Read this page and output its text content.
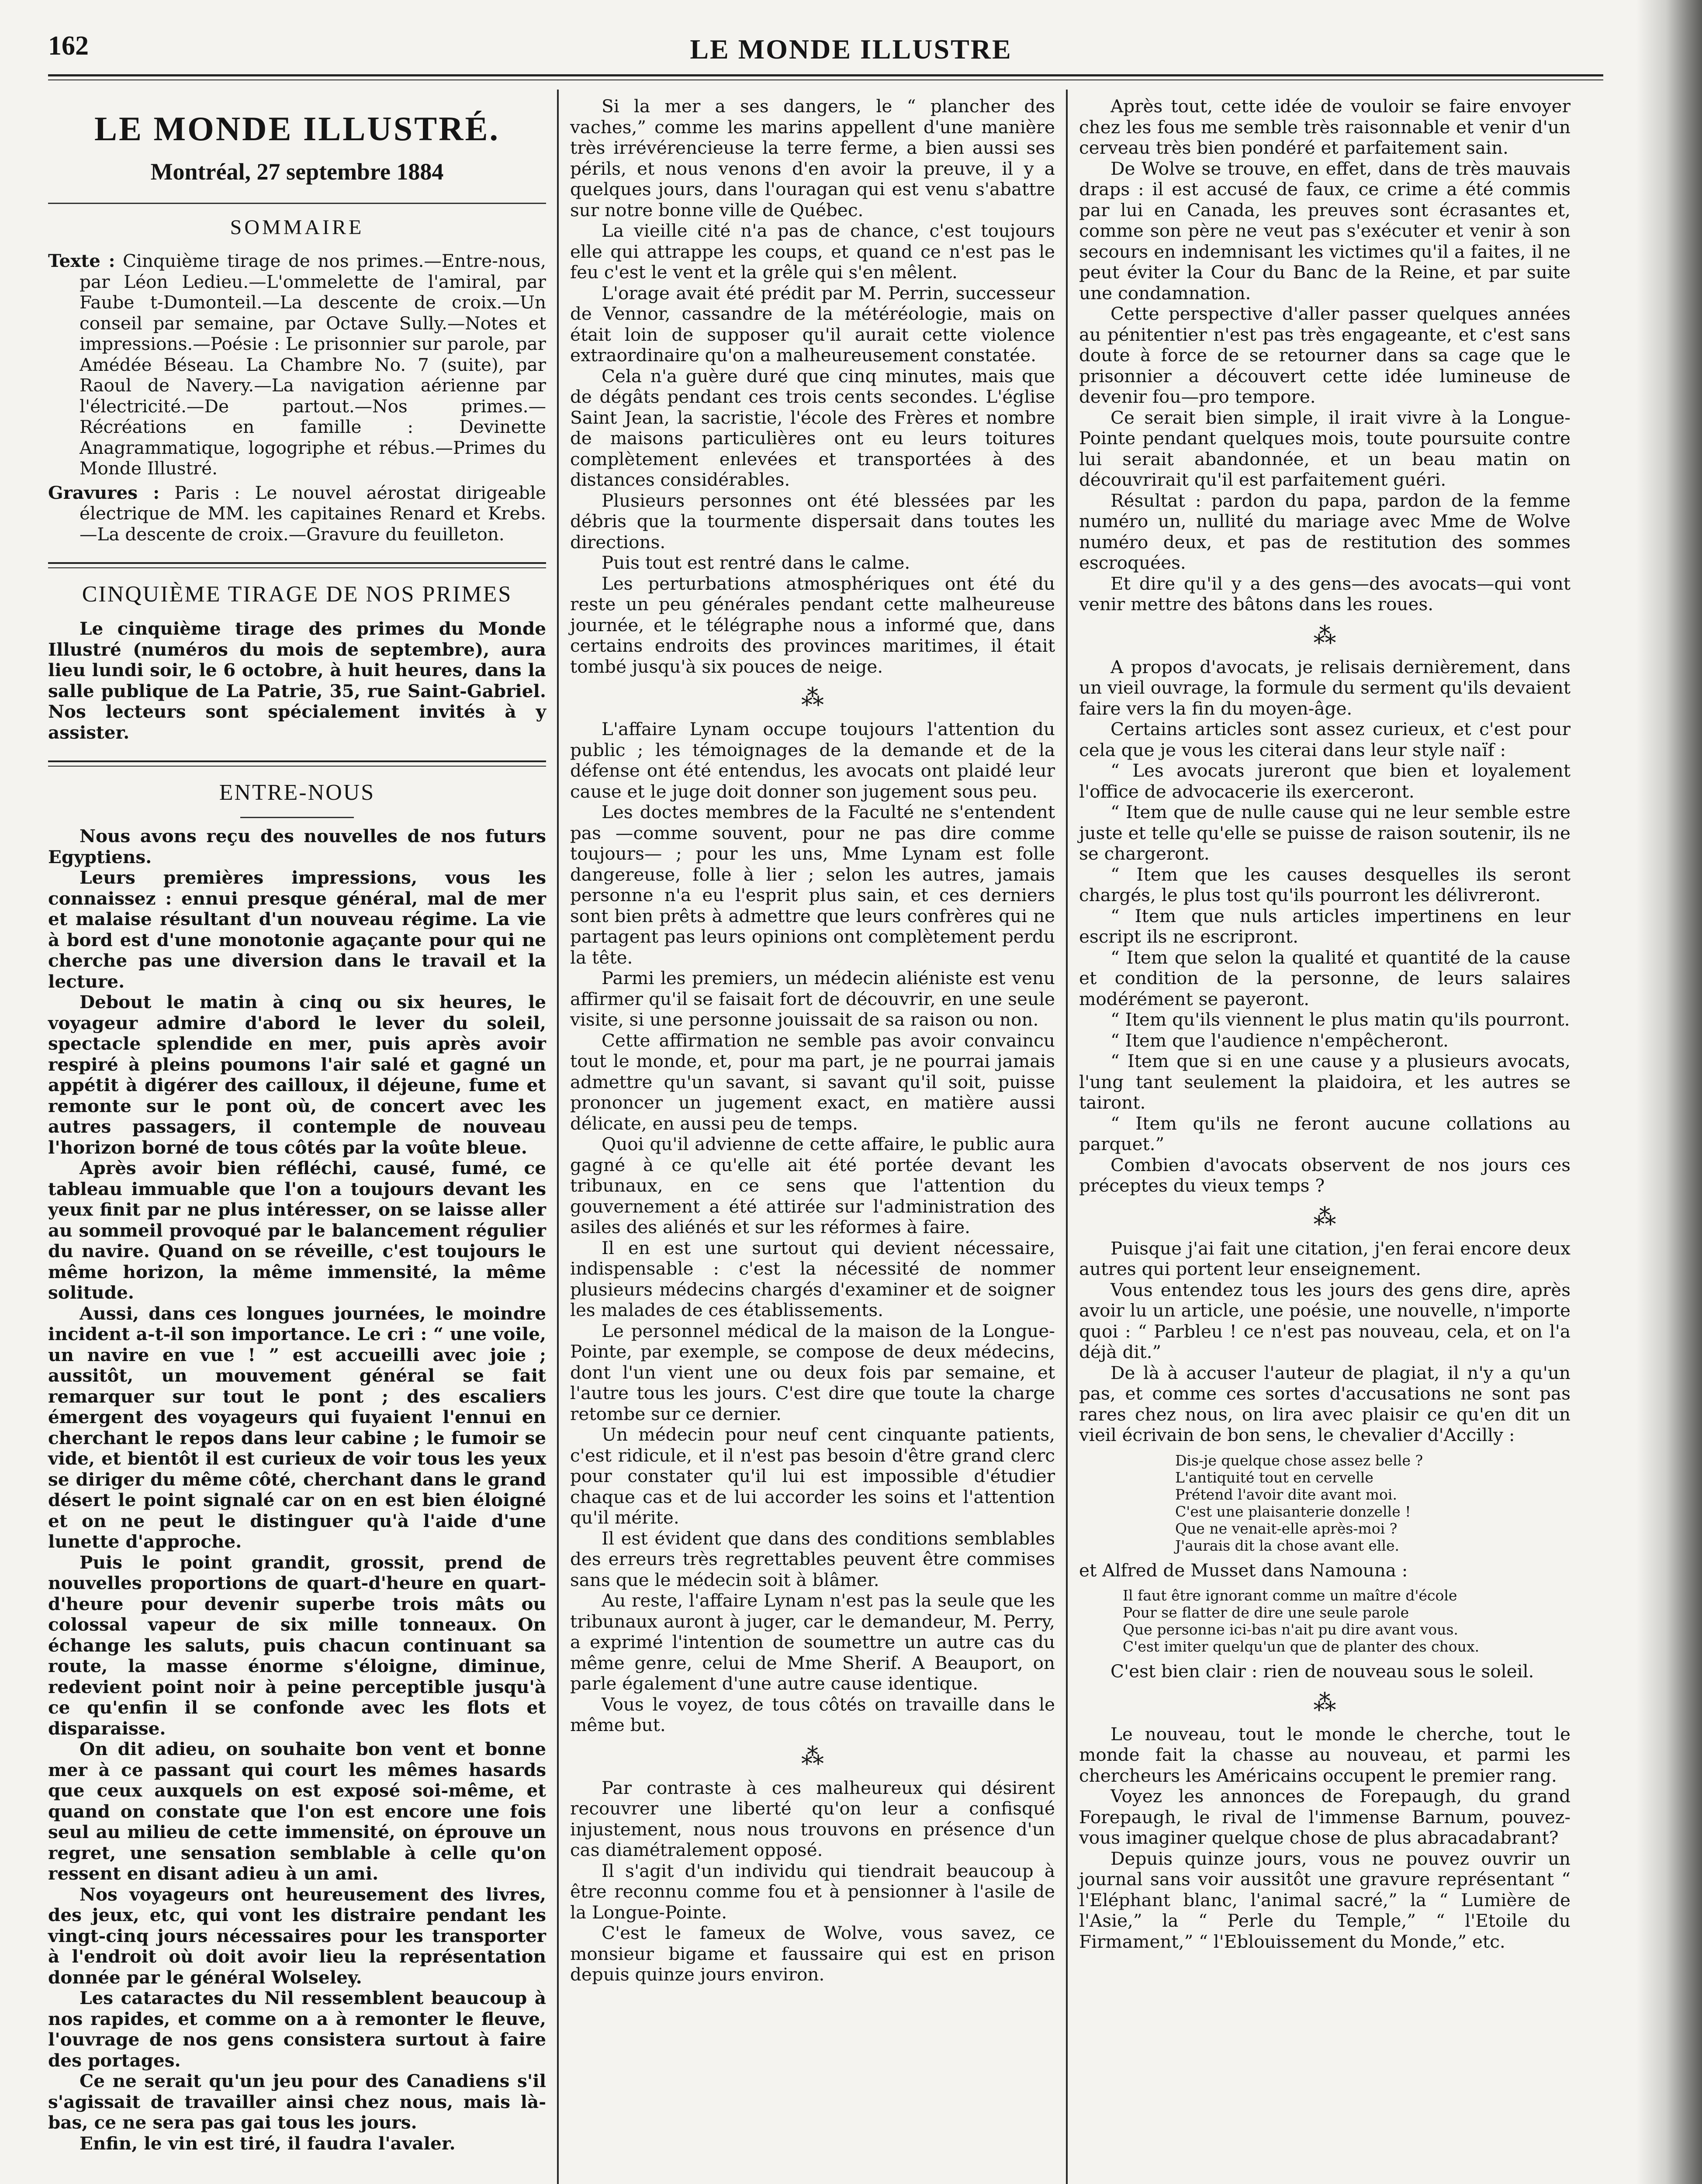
162	LE MONDE ILLUSTRE
LE MONDE ILLUSTRÉ.
Montréal, 27 septembre 1884
SOMMAIRE

Texte : Cinquième tirage de nos primes.—Entre-nous, par Léon Ledieu.—L'ommelette de l'amiral, par Faube t-Dumonteil.—La descente de croix.—Un conseil par semaine, par Octave Sully.—Notes et impressions.—Poésie : Le prisonnier sur parole, par Amédée Béseau. La Chambre No. 7 (suite), par Raoul de Navery.—La navigation aérienne par l'électricité.—De partout.—Nos primes.—Récréations en famille : Devinette Anagrammatique, logogriphe et rébus.—Primes du Monde Illustré.

Gravures : Paris : Le nouvel aérostat dirigeable électrique de MM. les capitaines Renard et Krebs.—La descente de croix.—Gravure du feuilleton.

CINQUIÈME TIRAGE DE NOS PRIMES

Le cinquième tirage des primes du Monde Illustré (numéros du mois de septembre), aura lieu lundi soir, le 6 octobre, à huit heures, dans la salle publique de La Patrie, 35, rue Saint-Gabriel. Nos lecteurs sont spécialement invités à y assister.

ENTRE-NOUS

Nous avons reçu des nouvelles de nos futurs Egyptiens.

Leurs premières impressions, vous les connaissez : ennui presque général, mal de mer et malaise résultant d'un nouveau régime. La vie à bord est d'une monotonie agaçante pour qui ne cherche pas une diversion dans le travail et la lecture.

Debout le matin à cinq ou six heures, le voyageur admire d'abord le lever du soleil, spectacle splendide en mer, puis après avoir respiré à pleins poumons l'air salé et gagné un appétit à digérer des cailloux, il déjeune, fume et remonte sur le pont où, de concert avec les autres passagers, il contemple de nouveau l'horizon borné de tous côtés par la voûte bleue.

Après avoir bien réfléchi, causé, fumé, ce tableau immuable que l'on a toujours devant les yeux finit par ne plus intéresser, on se laisse aller au sommeil provoqué par le balancement régulier du navire. Quand on se réveille, c'est toujours le même horizon, la même immensité, la même solitude.

Aussi, dans ces longues journées, le moindre incident a-t-il son importance. Le cri : “ une voile, un navire en vue ! ” est accueilli avec joie ; aussitôt, un mouvement général se fait remarquer sur tout le pont ; des escaliers émergent des voyageurs qui fuyaient l'ennui en cherchant le repos dans leur cabine ; le fumoir se vide, et bientôt il est curieux de voir tous les yeux se diriger du même côté, cherchant dans le grand désert le point signalé car on en est bien éloigné et on ne peut le distinguer qu'à l'aide d'une lunette d'approche.

Puis le point grandit, grossit, prend de nouvelles proportions de quart-d'heure en quart-d'heure pour devenir superbe trois mâts ou colossal vapeur de six mille tonneaux. On échange les saluts, puis chacun continuant sa route, la masse énorme s'éloigne, diminue, redevient point noir à peine perceptible jusqu'à ce qu'enfin il se confonde avec les flots et disparaisse.

On dit adieu, on souhaite bon vent et bonne mer à ce passant qui court les mêmes hasards que ceux auxquels on est exposé soi-même, et quand on constate que l'on est encore une fois seul au milieu de cette immensité, on éprouve un regret, une sensation semblable à celle qu'on ressent en disant adieu à un ami.

Nos voyageurs ont heureusement des livres, des jeux, etc, qui vont les distraire pendant les vingt-cinq jours nécessaires pour les transporter à l'endroit où doit avoir lieu la représentation donnée par le général Wolseley.

Les cataractes du Nil ressemblent beaucoup à nos rapides, et comme on a à remonter le fleuve, l'ouvrage de nos gens consistera surtout à faire des portages.

Ce ne serait qu'un jeu pour des Canadiens s'il s'agissait de travailler ainsi chez nous, mais là-bas, ce ne sera pas gai tous les jours.

Enfin, le vin est tiré, il faudra l'avaler.

Si la mer a ses dangers, le “ plancher des vaches,” comme les marins appellent d'une manière très irrévérencieuse la terre ferme, a bien aussi ses périls, et nous venons d'en avoir la preuve, il y a quelques jours, dans l'ouragan qui est venu s'abattre sur notre bonne ville de Québec.

La vieille cité n'a pas de chance, c'est toujours elle qui attrappe les coups, et quand ce n'est pas le feu c'est le vent et la grêle qui s'en mêlent.

L'orage avait été prédit par M. Perrin, successeur de Vennor, cassandre de la météréologie, mais on était loin de supposer qu'il aurait cette violence extraordinaire qu'on a malheureusement constatée.

Cela n'a guère duré que cinq minutes, mais que de dégâts pendant ces trois cents secondes. L'église Saint Jean, la sacristie, l'école des Frères et nombre de maisons particulières ont eu leurs toitures complètement enlevées et transportées à des distances considérables.

Plusieurs personnes ont été blessées par les débris que la tourmente dispersait dans toutes les directions.

Puis tout est rentré dans le calme.

Les perturbations atmosphériques ont été du reste un peu générales pendant cette malheureuse journée, et le télégraphe nous a informé que, dans certains endroits des provinces maritimes, il était tombé jusqu'à six pouces de neige.

⁂

L'affaire Lynam occupe toujours l'attention du public ; les témoignages de la demande et de la défense ont été entendus, les avocats ont plaidé leur cause et le juge doit donner son jugement sous peu.

Les doctes membres de la Faculté ne s'entendent pas —comme souvent, pour ne pas dire comme toujours— ; pour les uns, Mme Lynam est folle dangereuse, folle à lier ; selon les autres, jamais personne n'a eu l'esprit plus sain, et ces derniers sont bien prêts à admettre que leurs confrères qui ne partagent pas leurs opinions ont complètement perdu la tête.

Parmi les premiers, un médecin aliéniste est venu affirmer qu'il se faisait fort de découvrir, en une seule visite, si une personne jouissait de sa raison ou non.

Cette affirmation ne semble pas avoir convaincu tout le monde, et, pour ma part, je ne pourrai jamais admettre qu'un savant, si savant qu'il soit, puisse prononcer un jugement exact, en matière aussi délicate, en aussi peu de temps.

Quoi qu'il advienne de cette affaire, le public aura gagné à ce qu'elle ait été portée devant les tribunaux, en ce sens que l'attention du gouvernement a été attirée sur l'administration des asiles des aliénés et sur les réformes à faire.

Il en est une surtout qui devient nécessaire, indispensable : c'est la nécessité de nommer plusieurs médecins chargés d'examiner et de soigner les malades de ces établissements.

Le personnel médical de la maison de la Longue-Pointe, par exemple, se compose de deux médecins, dont l'un vient une ou deux fois par semaine, et l'autre tous les jours. C'est dire que toute la charge retombe sur ce dernier.

Un médecin pour neuf cent cinquante patients, c'est ridicule, et il n'est pas besoin d'être grand clerc pour constater qu'il lui est impossible d'étudier chaque cas et de lui accorder les soins et l'attention qu'il mérite.

Il est évident que dans des conditions semblables des erreurs très regrettables peuvent être commises sans que le médecin soit à blâmer.

Au reste, l'affaire Lynam n'est pas la seule que les tribunaux auront à juger, car le demandeur, M. Perry, a exprimé l'intention de soumettre un autre cas du même genre, celui de Mme Sherif. A Beauport, on parle également d'une autre cause identique.

Vous le voyez, de tous côtés on travaille dans le même but.

⁂

Par contraste à ces malheureux qui désirent recouvrer une liberté qu'on leur a confisqué injustement, nous nous trouvons en présence d'un cas diamétralement opposé.

Il s'agit d'un individu qui tiendrait beaucoup à être reconnu comme fou et à pensionner à l'asile de la Longue-Pointe.

C'est le fameux de Wolve, vous savez, ce monsieur bigame et faussaire qui est en prison depuis quinze jours environ.

Après tout, cette idée de vouloir se faire envoyer chez les fous me semble très raisonnable et venir d'un cerveau très bien pondéré et parfaitement sain.

De Wolve se trouve, en effet, dans de très mauvais draps : il est accusé de faux, ce crime a été commis par lui en Canada, les preuves sont écrasantes et, comme son père ne veut pas s'exécuter et venir à son secours en indemnisant les victimes qu'il a faites, il ne peut éviter la Cour du Banc de la Reine, et par suite une condamnation.

Cette perspective d'aller passer quelques années au pénitentier n'est pas très engageante, et c'est sans doute à force de se retourner dans sa cage que le prisonnier a découvert cette idée lumineuse de devenir fou—pro tempore.

Ce serait bien simple, il irait vivre à la Longue-Pointe pendant quelques mois, toute poursuite contre lui serait abandonnée, et un beau matin on découvrirait qu'il est parfaitement guéri.

Résultat : pardon du papa, pardon de la femme numéro un, nullité du mariage avec Mme de Wolve numéro deux, et pas de restitution des sommes escroquées.

Et dire qu'il y a des gens—des avocats—qui vont venir mettre des bâtons dans les roues.

⁂

A propos d'avocats, je relisais dernièrement, dans un vieil ouvrage, la formule du serment qu'ils devaient faire vers la fin du moyen-âge.

Certains articles sont assez curieux, et c'est pour cela que je vous les citerai dans leur style naïf :

“ Les avocats jureront que bien et loyalement l'office de advocacerie ils exerceront.

“ Item que de nulle cause qui ne leur semble estre juste et telle qu'elle se puisse de raison soutenir, ils ne se chargeront.

“ Item que les causes desquelles ils seront chargés, le plus tost qu'ils pourront les délivreront.

“ Item que nuls articles impertinens en leur escript ils ne escripront.

“ Item que selon la qualité et quantité de la cause et condition de la personne, de leurs salaires modérément se payeront.

“ Item qu'ils viennent le plus matin qu'ils pourront.

“ Item que l'audience n'empêcheront.

“ Item que si en une cause y a plusieurs avocats, l'ung tant seulement la plaidoira, et les autres se tairont.

“ Item qu'ils ne feront aucune collations au parquet.”

Combien d'avocats observent de nos jours ces préceptes du vieux temps ?

⁂

Puisque j'ai fait une citation, j'en ferai encore deux autres qui portent leur enseignement.

Vous entendez tous les jours des gens dire, après avoir lu un article, une poésie, une nouvelle, n'importe quoi : “ Parbleu ! ce n'est pas nouveau, cela, et on l'a déjà dit.”

De là à accuser l'auteur de plagiat, il n'y a qu'un pas, et comme ces sortes d'accusations ne sont pas rares chez nous, on lira avec plaisir ce qu'en dit un vieil écrivain de bon sens, le chevalier d'Accilly :

Dis-je quelque chose assez belle ?
L'antiquité tout en cervelle
Prétend l'avoir dite avant moi.
C'est une plaisanterie donzelle !
Que ne venait-elle après-moi ?
J'aurais dit la chose avant elle.

et Alfred de Musset dans Namouna :

Il faut être ignorant comme un maître d'école
Pour se flatter de dire une seule parole
Que personne ici-bas n'ait pu dire avant vous.
C'est imiter quelqu'un que de planter des choux.

C'est bien clair : rien de nouveau sous le soleil.

⁂

Le nouveau, tout le monde le cherche, tout le monde fait la chasse au nouveau, et parmi les chercheurs les Américains occupent le premier rang.

Voyez les annonces de Forepaugh, du grand Forepaugh, le rival de l'immense Barnum, pouvez-vous imaginer quelque chose de plus abracadabrant?

Depuis quinze jours, vous ne pouvez ouvrir un journal sans voir aussitôt une gravure représentant “ l'Eléphant blanc, l'animal sacré,” la “ Lumière de l'Asie,” la “ Perle du Temple,” “ l'Etoile du Firmament,” “ l'Eblouissement du Monde,” etc.
